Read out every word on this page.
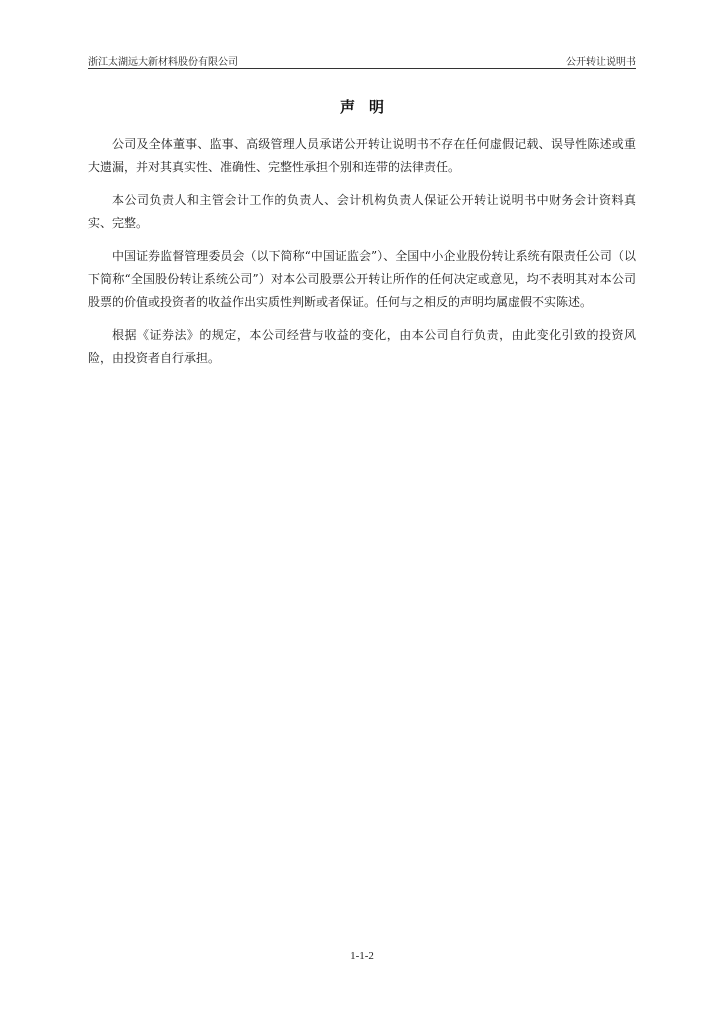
浙江太湖远大新材料股份有限公司	公开转让说明书
声明

公司及全体董事、监事、高级管理人员承诺公开转让说明书不存在任何虚假记载、误导性陈述或重大遗漏，并对其真实性、准确性、完整性承担个别和连带的法律责任。

本公司负责人和主管会计工作的负责人、会计机构负责人保证公开转让说明书中财务会计资料真实、完整。

中国证券监督管理委员会（以下简称“中国证监会”）、全国中小企业股份转让系统有限责任公司（以下简称“全国股份转让系统公司”）对本公司股票公开转让所作的任何决定或意见，均不表明其对本公司股票的价值或投资者的收益作出实质性判断或者保证。任何与之相反的声明均属虚假不实陈述。

根据《证券法》的规定，本公司经营与收益的变化，由本公司自行负责，由此变化引致的投资风险，由投资者自行承担。

1-1-2
